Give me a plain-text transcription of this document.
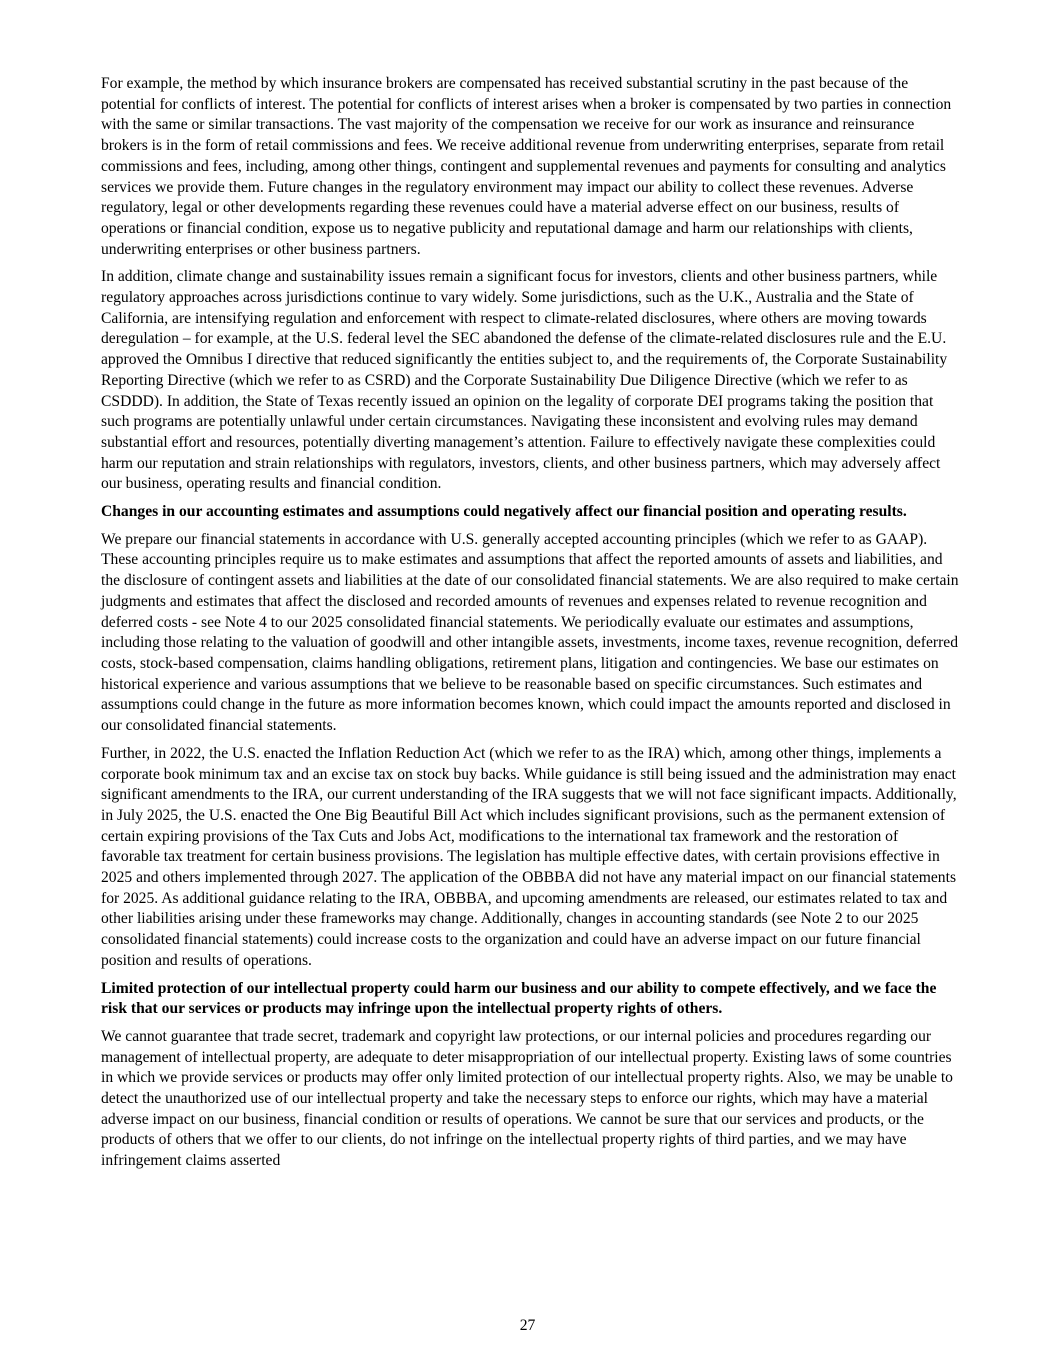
For example, the method by which insurance brokers are compensated has received substantial scrutiny in the past because of the potential for conflicts of interest. The potential for conflicts of interest arises when a broker is compensated by two parties in connection with the same or similar transactions. The vast majority of the compensation we receive for our work as insurance and reinsurance brokers is in the form of retail commissions and fees. We receive additional revenue from underwriting enterprises, separate from retail commissions and fees, including, among other things, contingent and supplemental revenues and payments for consulting and analytics services we provide them. Future changes in the regulatory environment may impact our ability to collect these revenues. Adverse regulatory, legal or other developments regarding these revenues could have a material adverse effect on our business, results of operations or financial condition, expose us to negative publicity and reputational damage and harm our relationships with clients, underwriting enterprises or other business partners.

In addition, climate change and sustainability issues remain a significant focus for investors, clients and other business partners, while regulatory approaches across jurisdictions continue to vary widely. Some jurisdictions, such as the U.K., Australia and the State of California, are intensifying regulation and enforcement with respect to climate-related disclosures, where others are moving towards deregulation – for example, at the U.S. federal level the SEC abandoned the defense of the climate-related disclosures rule and the E.U. approved the Omnibus I directive that reduced significantly the entities subject to, and the requirements of, the Corporate Sustainability Reporting Directive (which we refer to as CSRD) and the Corporate Sustainability Due Diligence Directive (which we refer to as CSDDD). In addition, the State of Texas recently issued an opinion on the legality of corporate DEI programs taking the position that such programs are potentially unlawful under certain circumstances. Navigating these inconsistent and evolving rules may demand substantial effort and resources, potentially diverting management’s attention. Failure to effectively navigate these complexities could harm our reputation and strain relationships with regulators, investors, clients, and other business partners, which may adversely affect our business, operating results and financial condition.

Changes in our accounting estimates and assumptions could negatively affect our financial position and operating results.

We prepare our financial statements in accordance with U.S. generally accepted accounting principles (which we refer to as GAAP). These accounting principles require us to make estimates and assumptions that affect the reported amounts of assets and liabilities, and the disclosure of contingent assets and liabilities at the date of our consolidated financial statements. We are also required to make certain judgments and estimates that affect the disclosed and recorded amounts of revenues and expenses related to revenue recognition and deferred costs - see Note 4 to our 2025 consolidated financial statements. We periodically evaluate our estimates and assumptions, including those relating to the valuation of goodwill and other intangible assets, investments, income taxes, revenue recognition, deferred costs, stock-based compensation, claims handling obligations, retirement plans, litigation and contingencies. We base our estimates on historical experience and various assumptions that we believe to be reasonable based on specific circumstances. Such estimates and assumptions could change in the future as more information becomes known, which could impact the amounts reported and disclosed in our consolidated financial statements.

Further, in 2022, the U.S. enacted the Inflation Reduction Act (which we refer to as the IRA) which, among other things, implements a corporate book minimum tax and an excise tax on stock buy backs. While guidance is still being issued and the administration may enact significant amendments to the IRA, our current understanding of the IRA suggests that we will not face significant impacts. Additionally, in July 2025, the U.S. enacted the One Big Beautiful Bill Act which includes significant provisions, such as the permanent extension of certain expiring provisions of the Tax Cuts and Jobs Act, modifications to the international tax framework and the restoration of favorable tax treatment for certain business provisions. The legislation has multiple effective dates, with certain provisions effective in 2025 and others implemented through 2027. The application of the OBBBA did not have any material impact on our financial statements for 2025. As additional guidance relating to the IRA, OBBBA, and upcoming amendments are released, our estimates related to tax and other liabilities arising under these frameworks may change. Additionally, changes in accounting standards (see Note 2 to our 2025 consolidated financial statements) could increase costs to the organization and could have an adverse impact on our future financial position and results of operations.

Limited protection of our intellectual property could harm our business and our ability to compete effectively, and we face the risk that our services or products may infringe upon the intellectual property rights of others.

We cannot guarantee that trade secret, trademark and copyright law protections, or our internal policies and procedures regarding our management of intellectual property, are adequate to deter misappropriation of our intellectual property. Existing laws of some countries in which we provide services or products may offer only limited protection of our intellectual property rights. Also, we may be unable to detect the unauthorized use of our intellectual property and take the necessary steps to enforce our rights, which may have a material adverse impact on our business, financial condition or results of operations. We cannot be sure that our services and products, or the products of others that we offer to our clients, do not infringe on the intellectual property rights of third parties, and we may have infringement claims asserted

27
